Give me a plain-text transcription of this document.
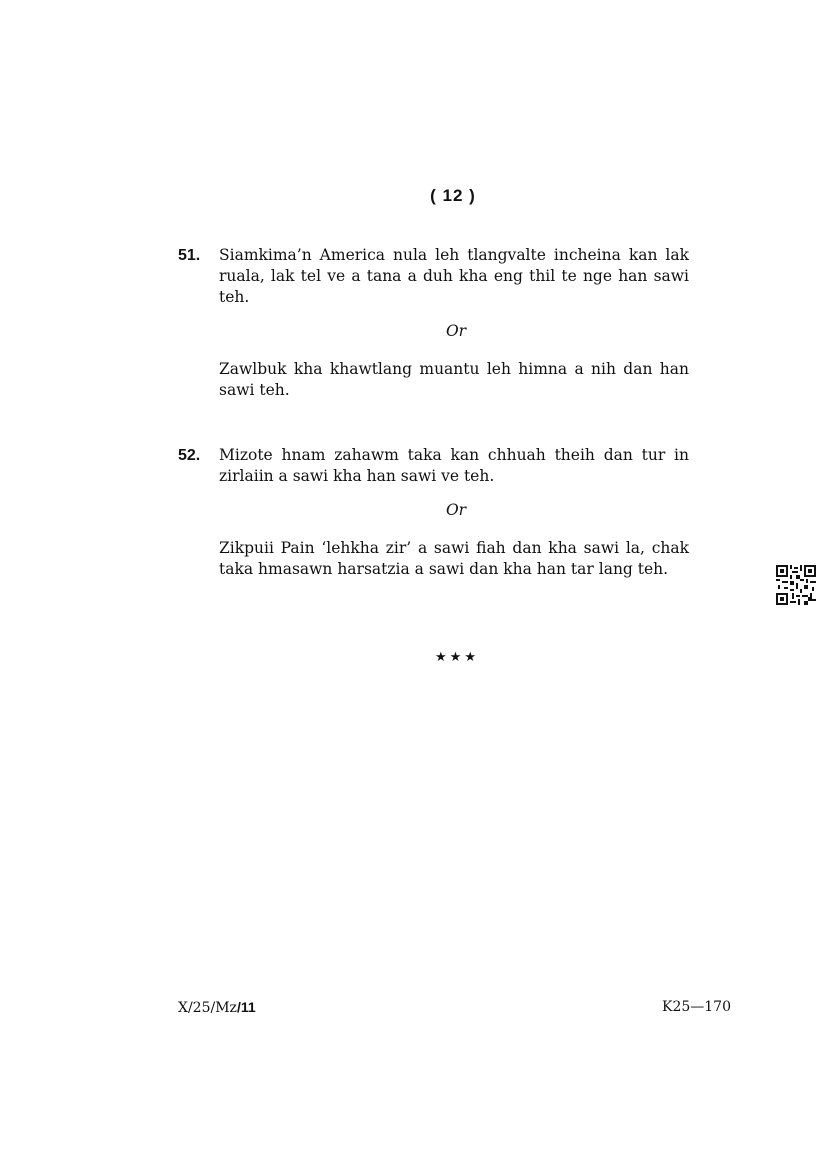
( 12 )
51. Siamkima’n America nula leh tlangvalte incheina kan lak ruala, lak tel ve a tana a duh kha eng thil te nge han sawi teh.

Or

Zawlbuk kha khawtlang muantu leh himna a nih dan han sawi teh.

52. Mizote hnam zahawm taka kan chhuah theih dan tur in zirlaiin a sawi kha han sawi ve teh.

Or

Zikpuii Pain ‘lehkha zir’ a sawi fiah dan kha sawi la, chak taka hmasawn harsatzia a sawi dan kha han tar lang teh.

★★★
X/25/Mz/11	K25—170
